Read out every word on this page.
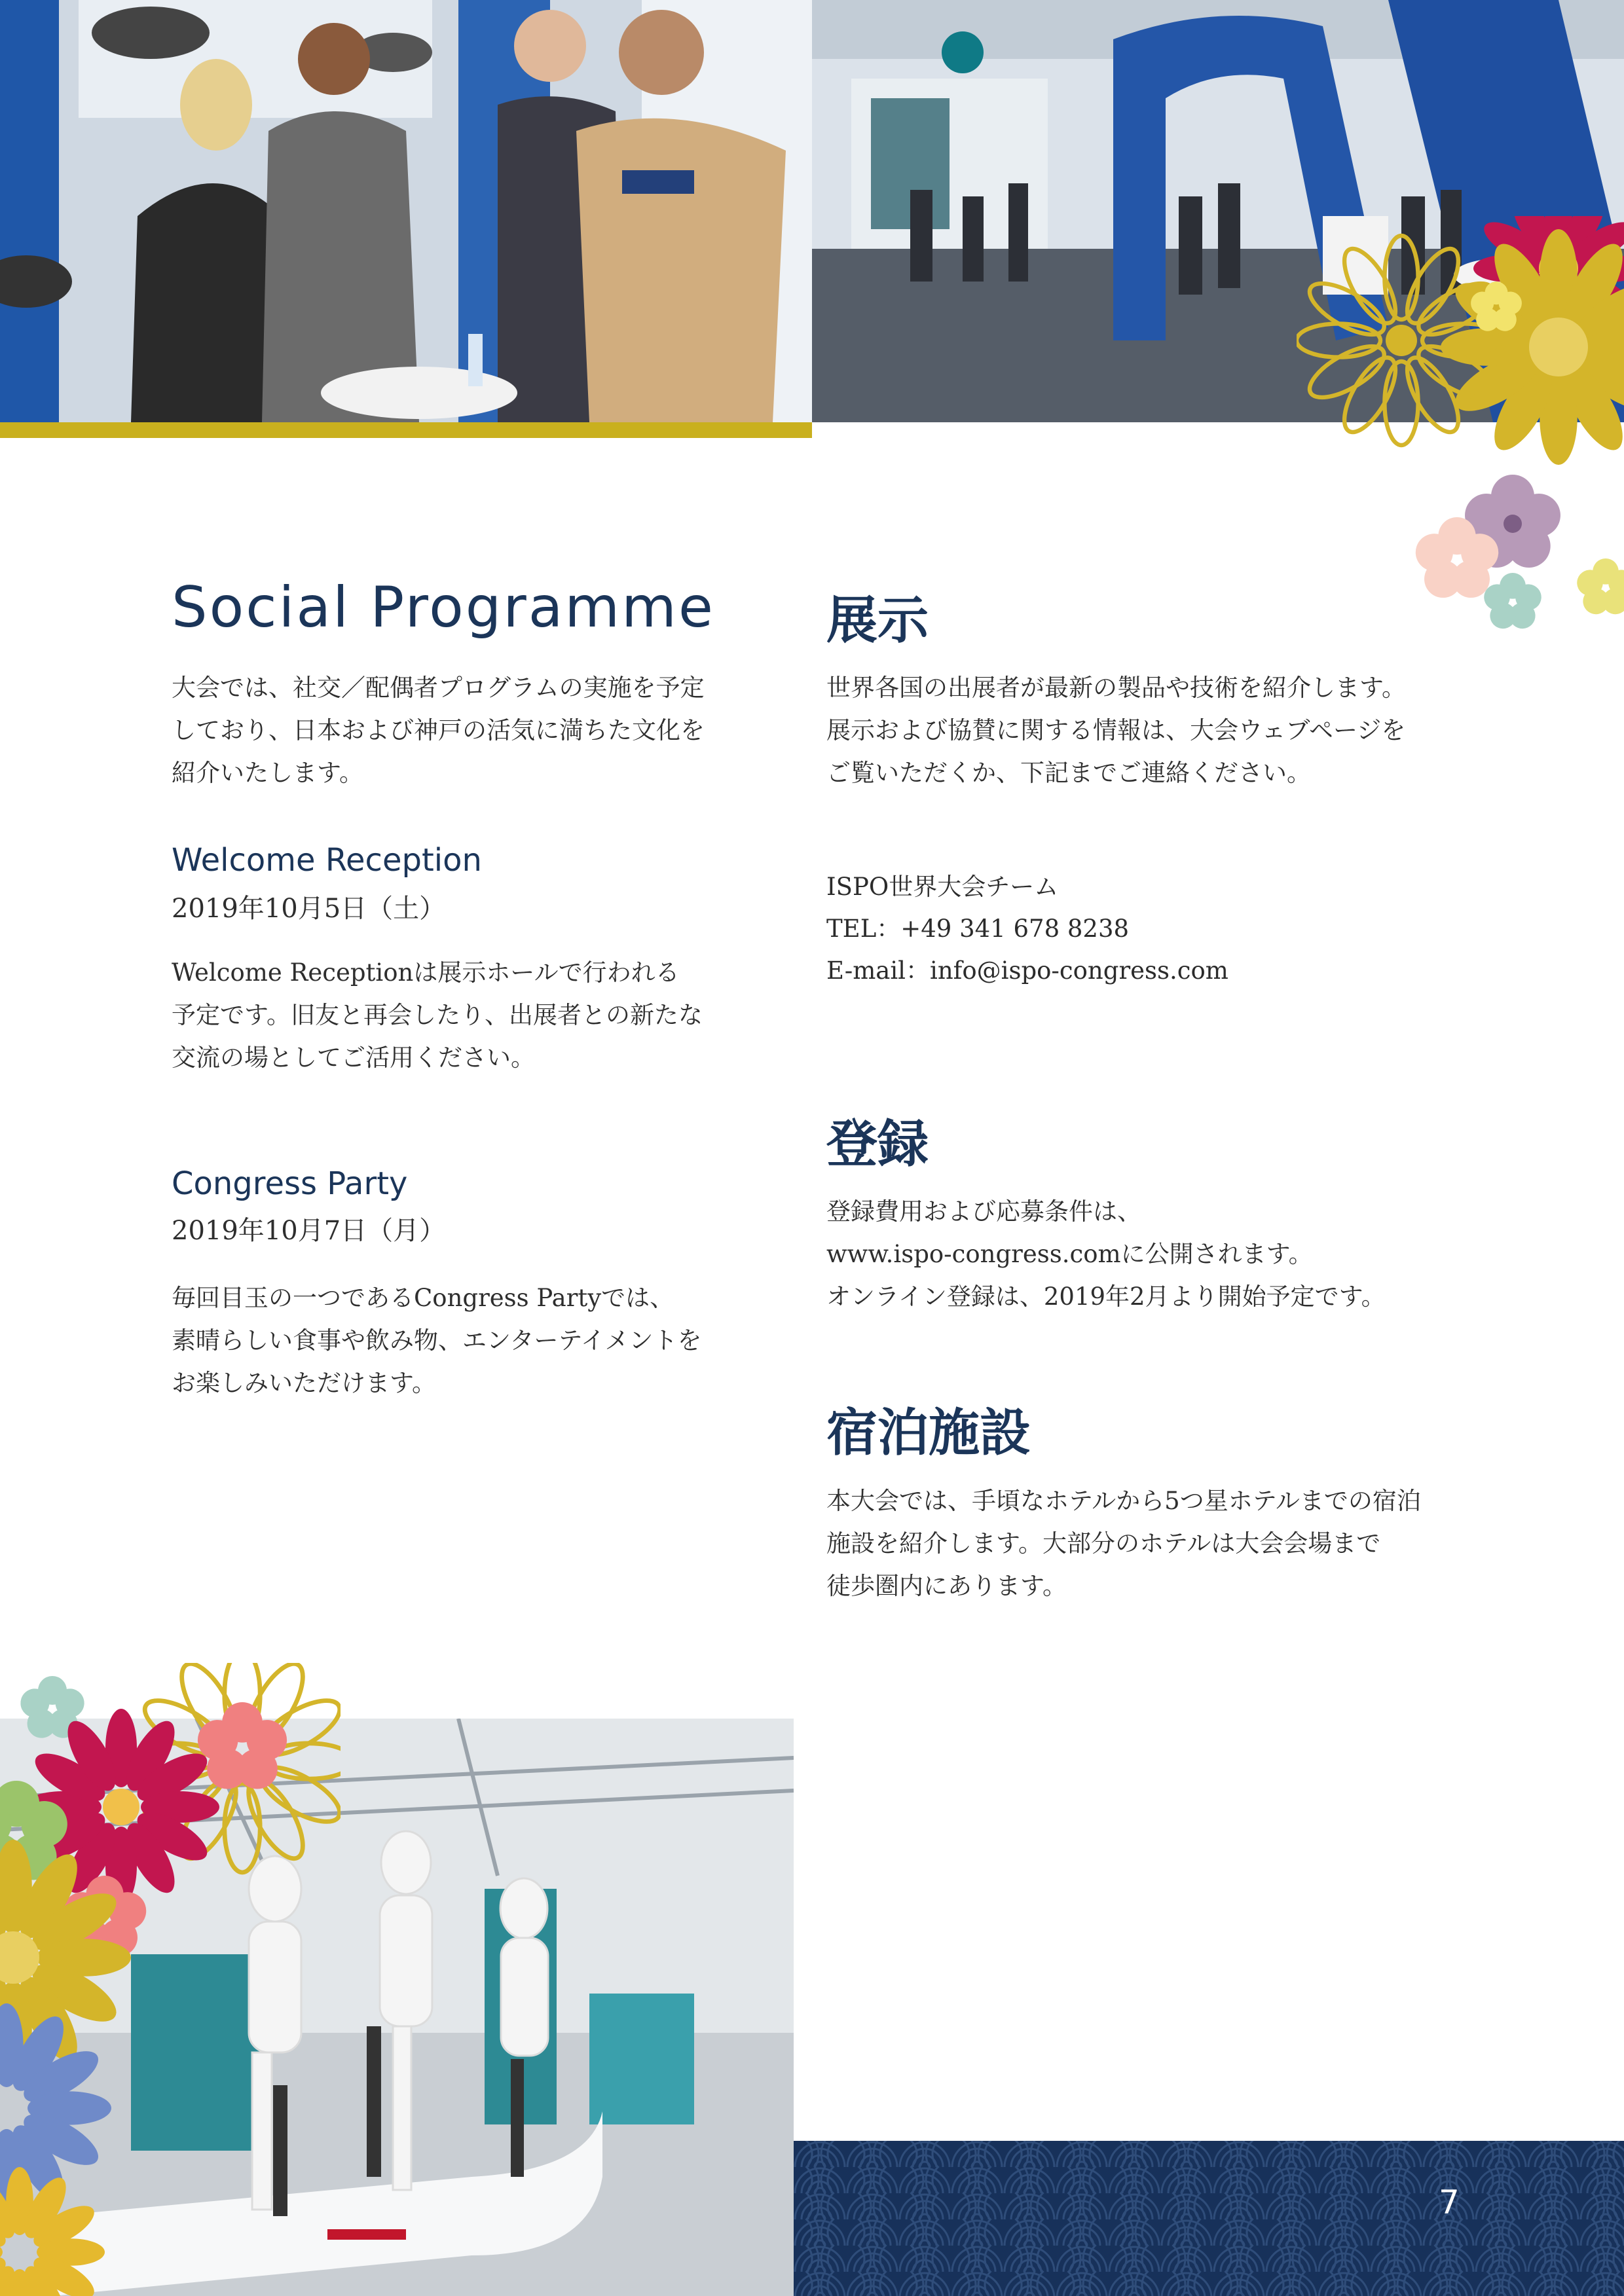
Social Programme
大会では、社交／配偶者プログラムの実施を予定
しており、日本および神戸の活気に満ちた文化を
紹介いたします。
Welcome Reception
2019年10月5日（土）
Welcome Receptionは展示ホールで行われる
予定です。旧友と再会したり、出展者との新たな
交流の場としてご活用ください。
Congress Party
2019年10月7日（月）
毎回目玉の一つであるCongress Partyでは、
素晴らしい食事や飲み物、エンターテイメントを
お楽しみいただけます。
展示
世界各国の出展者が最新の製品や技術を紹介します。
展示および協賛に関する情報は、大会ウェブページを
ご覧いただくか、下記までご連絡ください。
ISPO世界大会チーム
TEL：+49 341 678 8238
E-mail：info@ispo-congress.com
登録
登録費用および応募条件は、
www.ispo-congress.comに公開されます。
オンライン登録は、2019年2月より開始予定です。
宿泊施設
本大会では、手頃なホテルから5つ星ホテルまでの宿泊
施設を紹介します。大部分のホテルは大会会場まで
徒歩圏内にあります。
7
